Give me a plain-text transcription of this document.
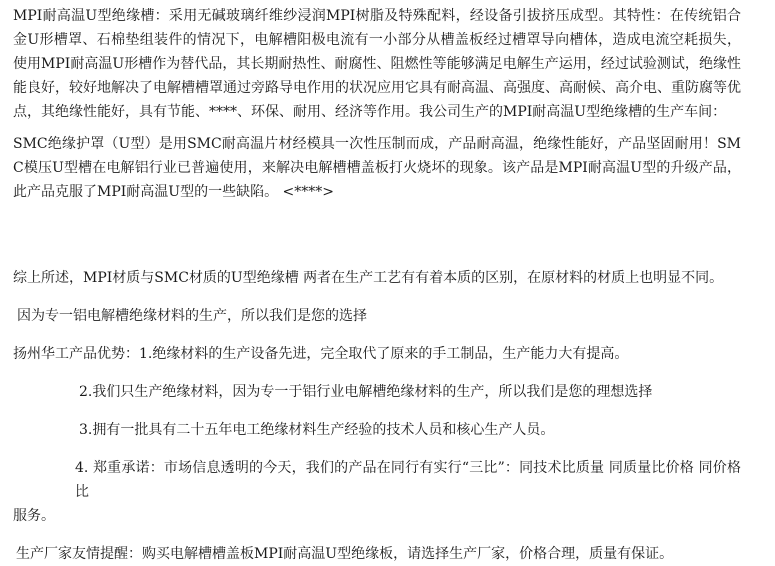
MPI耐高温U型绝缘槽：采用无碱玻璃纤维纱浸润MPI树脂及特殊配料，经设备引拔挤压成型。其特性：在传统铝合金U形槽罩、石棉垫组装件的情况下，电解槽阳极电流有一小部分从槽盖板经过槽罩导向槽体，造成电流空耗损失， 使用MPI耐高温U形槽作为替代品，其长期耐热性、耐腐性、阻燃性等能够满足电解生产运用，经过试验测试，绝缘性能良好，较好地解决了电解槽槽罩通过旁路导电作用的状况应用它具有耐高温、高强度、高耐候、高介电、重防腐等优点，其绝缘性能好，具有节能、****、环保、耐用、经济等作用。我公司生产的MPI耐高温U型绝缘槽的生产车间：

SMC绝缘护罩（U型）是用SMC耐高温片材经模具一次性压制而成，产品耐高温，绝缘性能好，产品坚固耐用！SMC模压U型槽在电解铝行业已普遍使用，来解决电解槽槽盖板打火烧坏的现象。该产品是MPI耐高温U型的升级产品，此产品克服了MPI耐高温U型的一些缺陷。 <****>

综上所述，MPI材质与SMC材质的U型绝缘槽 两者在生产工艺有有着本质的区别，在原材料的材质上也明显不同。

因为专一铝电解槽绝缘材料的生产，所以我们是您的选择

扬州华工产品优势：1.绝缘材料的生产设备先进，完全取代了原来的手工制品，生产能力大有提高。

2.我们只生产绝缘材料，因为专一于铝行业电解槽绝缘材料的生产，所以我们是您的理想选择

3.拥有一批具有二十五年电工绝缘材料生产经验的技术人员和核心生产人员。

4. 郑重承诺：市场信息透明的今天，我们的产品在同行有实行“三比”：同技术比质量 同质量比价格 同价格比
服务。

生产厂家友情提醒：购买电解槽槽盖板MPI耐高温U型绝缘板，请选择生产厂家，价格合理，质量有保证。
